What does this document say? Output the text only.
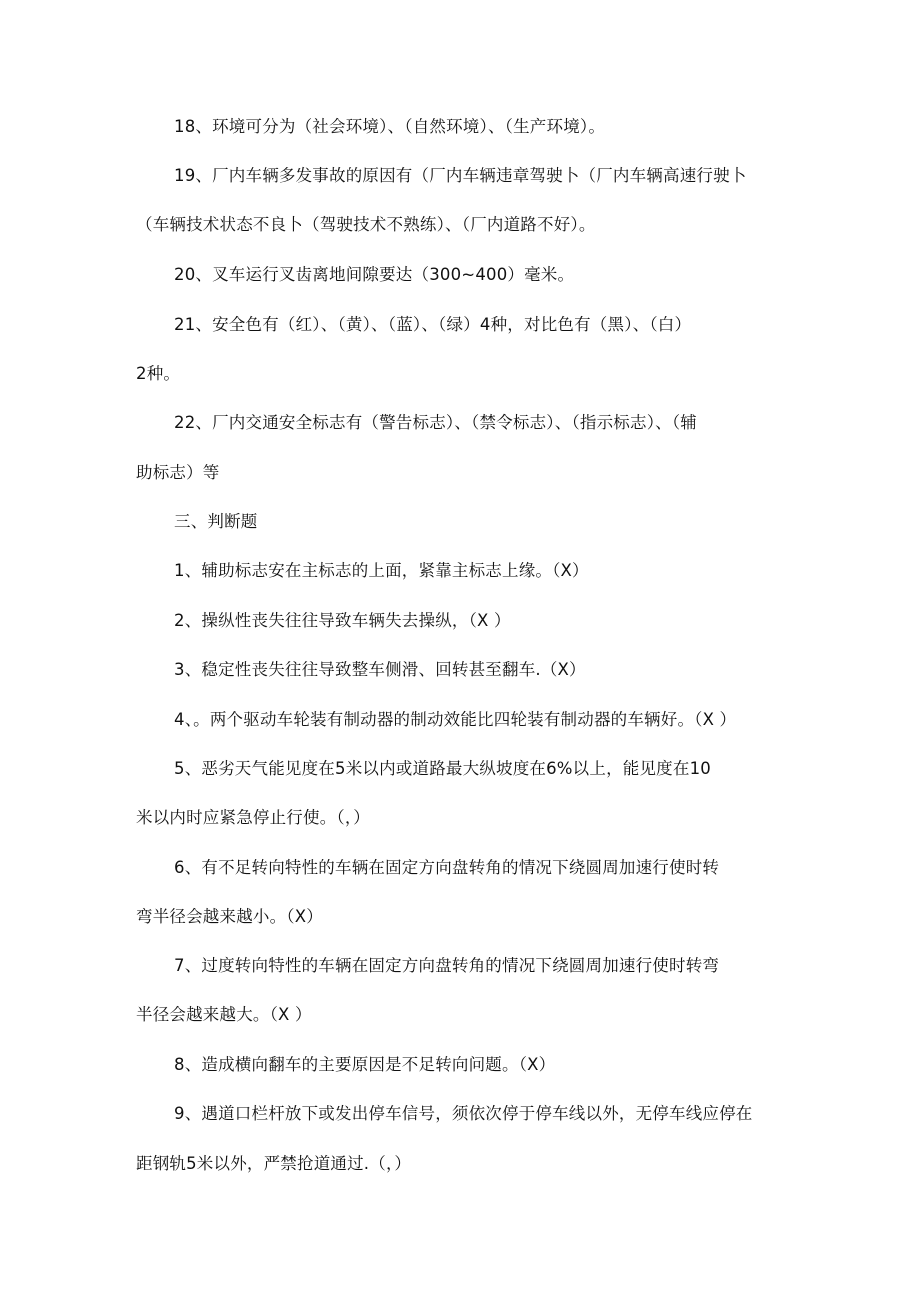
18、环境可分为（社会环境）、（自然环境）、（生产环境）。
19、厂内车辆多发事故的原因有（厂内车辆违章驾驶卜（厂内车辆高速行驶卜
（车辆技术状态不良卜（驾驶技术不熟练）、（厂内道路不好）。
20、叉车运行叉齿离地间隙要达（300~400）毫米。
21、安全色有（红）、（黄）、（蓝）、（绿）4种，对比色有（黑）、（白）
2种。
22、厂内交通安全标志有（警告标志）、（禁令标志）、（指示标志）、（辅
助标志）等
三、判断题
1、辅助标志安在主标志的上面，紧靠主标志上缘。（X）
2、操纵性丧失往往导致车辆失去操纵，（X ）
3、稳定性丧失往往导致整车侧滑、回转甚至翻车.（X）
4、。两个驱动车轮装有制动器的制动效能比四轮装有制动器的车辆好。（X ）
5、恶劣天气能见度在5米以内或道路最大纵坡度在6%以上，能见度在10
米以内时应紧急停止行使。（，）
6、有不足转向特性的车辆在固定方向盘转角的情况下绕圆周加速行使时转
弯半径会越来越小。（X）
7、过度转向特性的车辆在固定方向盘转角的情况下绕圆周加速行使时转弯
半径会越来越大。（X ）
8、造成横向翻车的主要原因是不足转向问题。（X）
9、遇道口栏杆放下或发出停车信号，须依次停于停车线以外，无停车线应停在
距钢轨5米以外，严禁抢道通过.（，）
